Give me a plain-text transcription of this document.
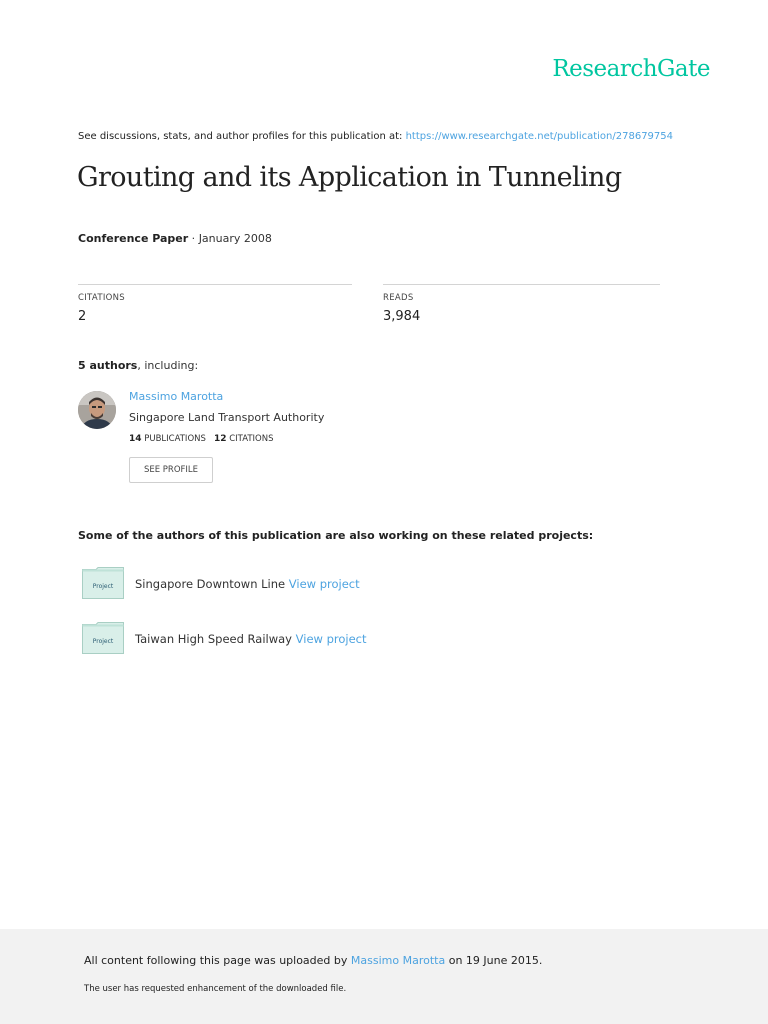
ResearchGate
See discussions, stats, and author profiles for this publication at: https://www.researchgate.net/publication/278679754
Grouting and its Application in Tunneling
Conference Paper · January 2008
CITATIONS
2
READS
3,984
5 authors, including:
Massimo Marotta
Singapore Land Transport Authority
14 PUBLICATIONS 12 CITATIONS
SEE PROFILE
Some of the authors of this publication are also working on these related projects:
Project Singapore Downtown Line View project
Project Taiwan High Speed Railway View project
All content following this page was uploaded by Massimo Marotta on 19 June 2015.
The user has requested enhancement of the downloaded file.
